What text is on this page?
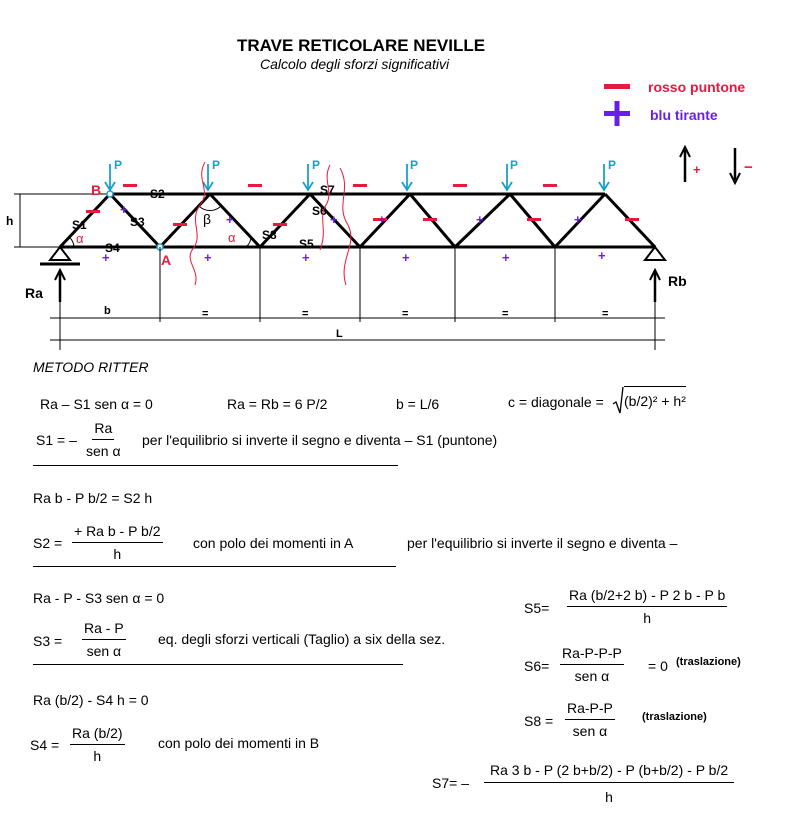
TRAVE RETICOLARE NEVILLE
Calcolo degli sforzi significativi
rosso puntone
blu tirante
+	−
h
B
A
P	P	P	P	P	P
+
+	+	+	+	+
+	+	+	+	+	+
S1
S2
S3
S4	S5
S6
S7
S8
α	α
β
Ra
Rb
b	=	=	=	=	=
L
METODO RITTER
Ra – S1 sen α = 0	Ra = Rb = 6 P/2	b = L/6	c = diagonale = (b/2)² + h²
S1 = –
Ra
sen α
per l'equilibrio si inverte il segno e diventa – S1 (puntone)
Ra b - P b/2 = S2 h
$S2 = \frac{\text{+ Ra b - P b/2}}{h}$ con polo dei momenti in A	per l'equilibrio si inverte il segno e diventa –
Ra - P - S3 sen α = 0
S3 =
Ra - P
sen α
eq. degli sforzi verticali (Taglio) a six della sez.
Ra (b/2) - S4 h = 0
$S4 = \frac{Ra (b/2)}{h}$ con polo dei momenti in B
$S5= \frac{\text{Ra (b/2+2 b) - P 2 b - P b}}{h}$
S6=
Ra-P-P-P
sen α
= 0 (traslazione)
S8 =
Ra-P-P
sen α
(traslazione)
$S7= - \frac{\text{Ra 3 b - P (2 b+b/2) - P (b+b/2) - P b/2}}{h}$
